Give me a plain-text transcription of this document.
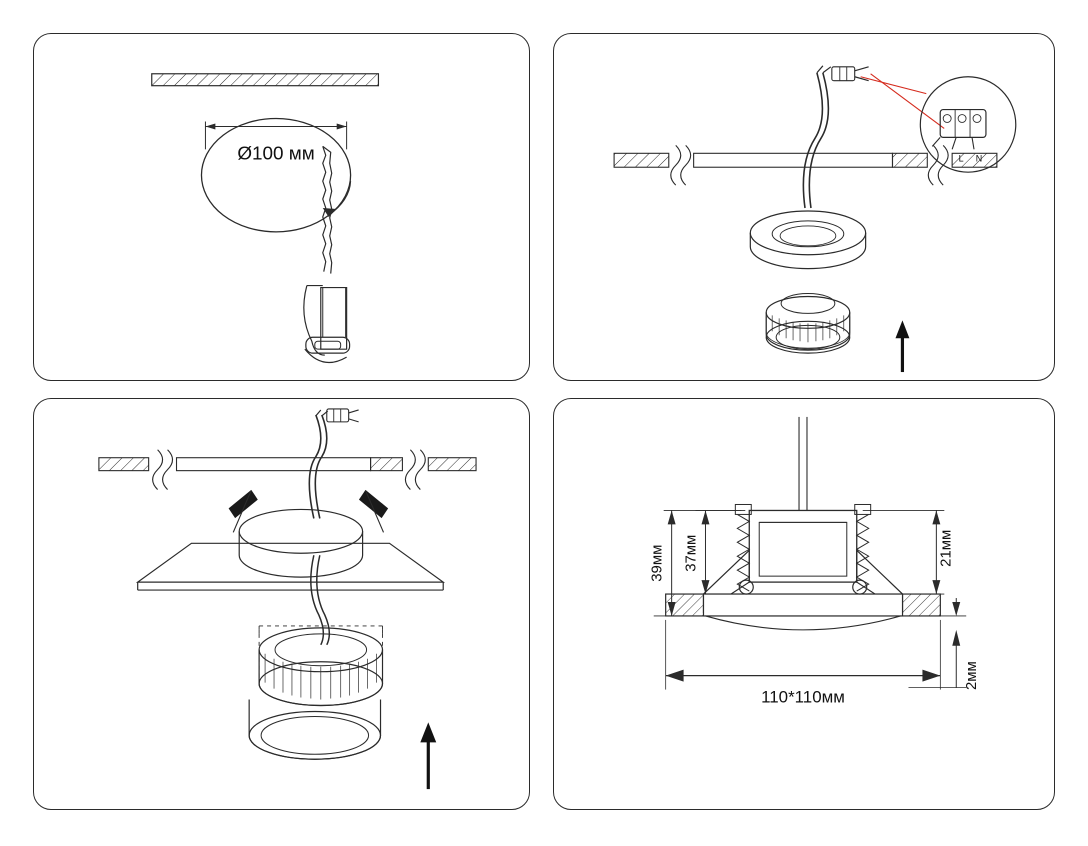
Ø100 мм	L N
39мм 37мм	21мм
2мм
110*110мм
